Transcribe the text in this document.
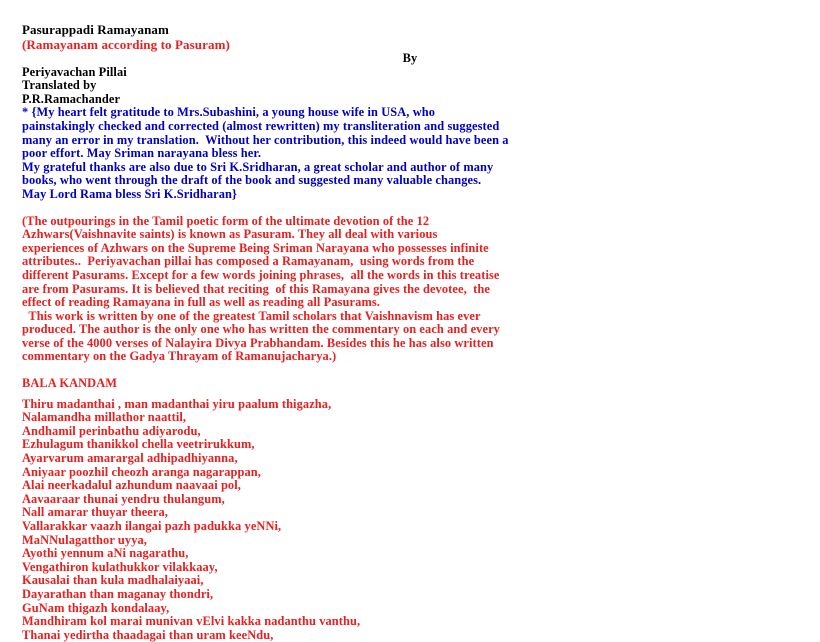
Pasurappadi Ramayanam
(Ramayanam according to Pasuram)
By
Periyavachan Pillai
Translated by
P.R.Ramachander
* {My heart felt gratitude to Mrs.Subashini, a young house wife in USA, who
painstakingly checked and corrected (almost rewritten) my transliteration and suggested
many an error in my translation.  Without her contribution, this indeed would have been a
poor effort. May Sriman narayana bless her.
My grateful thanks are also due to Sri K.Sridharan, a great scholar and author of many
books, who went through the draft of the book and suggested many valuable changes.
May Lord Rama bless Sri K.Sridharan}
(The outpourings in the Tamil poetic form of the ultimate devotion of the 12
Azhwars(Vaishnavite saints) is known as Pasuram. They all deal with various
experiences of Azhwars on the Supreme Being Sriman Narayana who possesses infinite
attributes..  Periyavachan pillai has composed a Ramayanam,  using words from the
different Pasurams. Except for a few words joining phrases,  all the words in this treatise
are from Pasurams. It is believed that reciting  of this Ramayana gives the devotee,  the
effect of reading Ramayana in full as well as reading all Pasurams.
This work is written by one of the greatest Tamil scholars that Vaishnavism has ever
produced. The author is the only one who has written the commentary on each and every
verse of the 4000 verses of Nalayira Divya Prabhandam. Besides this he has also written
commentary on the Gadya Thrayam of Ramanujacharya.)
BALA KANDAM
Thiru madanthai , man madanthai yiru paalum thigazha,
Nalamandha millathor naattil,
Andhamil perinbathu adiyarodu,
Ezhulagum thanikkol chella veetrirukkum,
Ayarvarum amarargal adhipadhiyanna,
Aniyaar poozhil cheozh aranga nagarappan,
Alai neerkadalul azhundum naavaai pol,
Aavaaraar thunai yendru thulangum,
Nall amarar thuyar theera,
Vallarakkar vaazh ilangai pazh padukka yeNNi,
MaNNulagatthor uyya,
Ayothi yennum aNi nagarathu,
Vengathiron kulathukkor vilakkaay,
Kausalai than kula madhalaiyaai,
Dayarathan than maganay thondri,
GuNam thigazh kondalaay,
Mandhiram kol marai munivan vElvi kakka nadanthu vanthu,
Thanai yedirtha thaadagai than uram keeNdu,
